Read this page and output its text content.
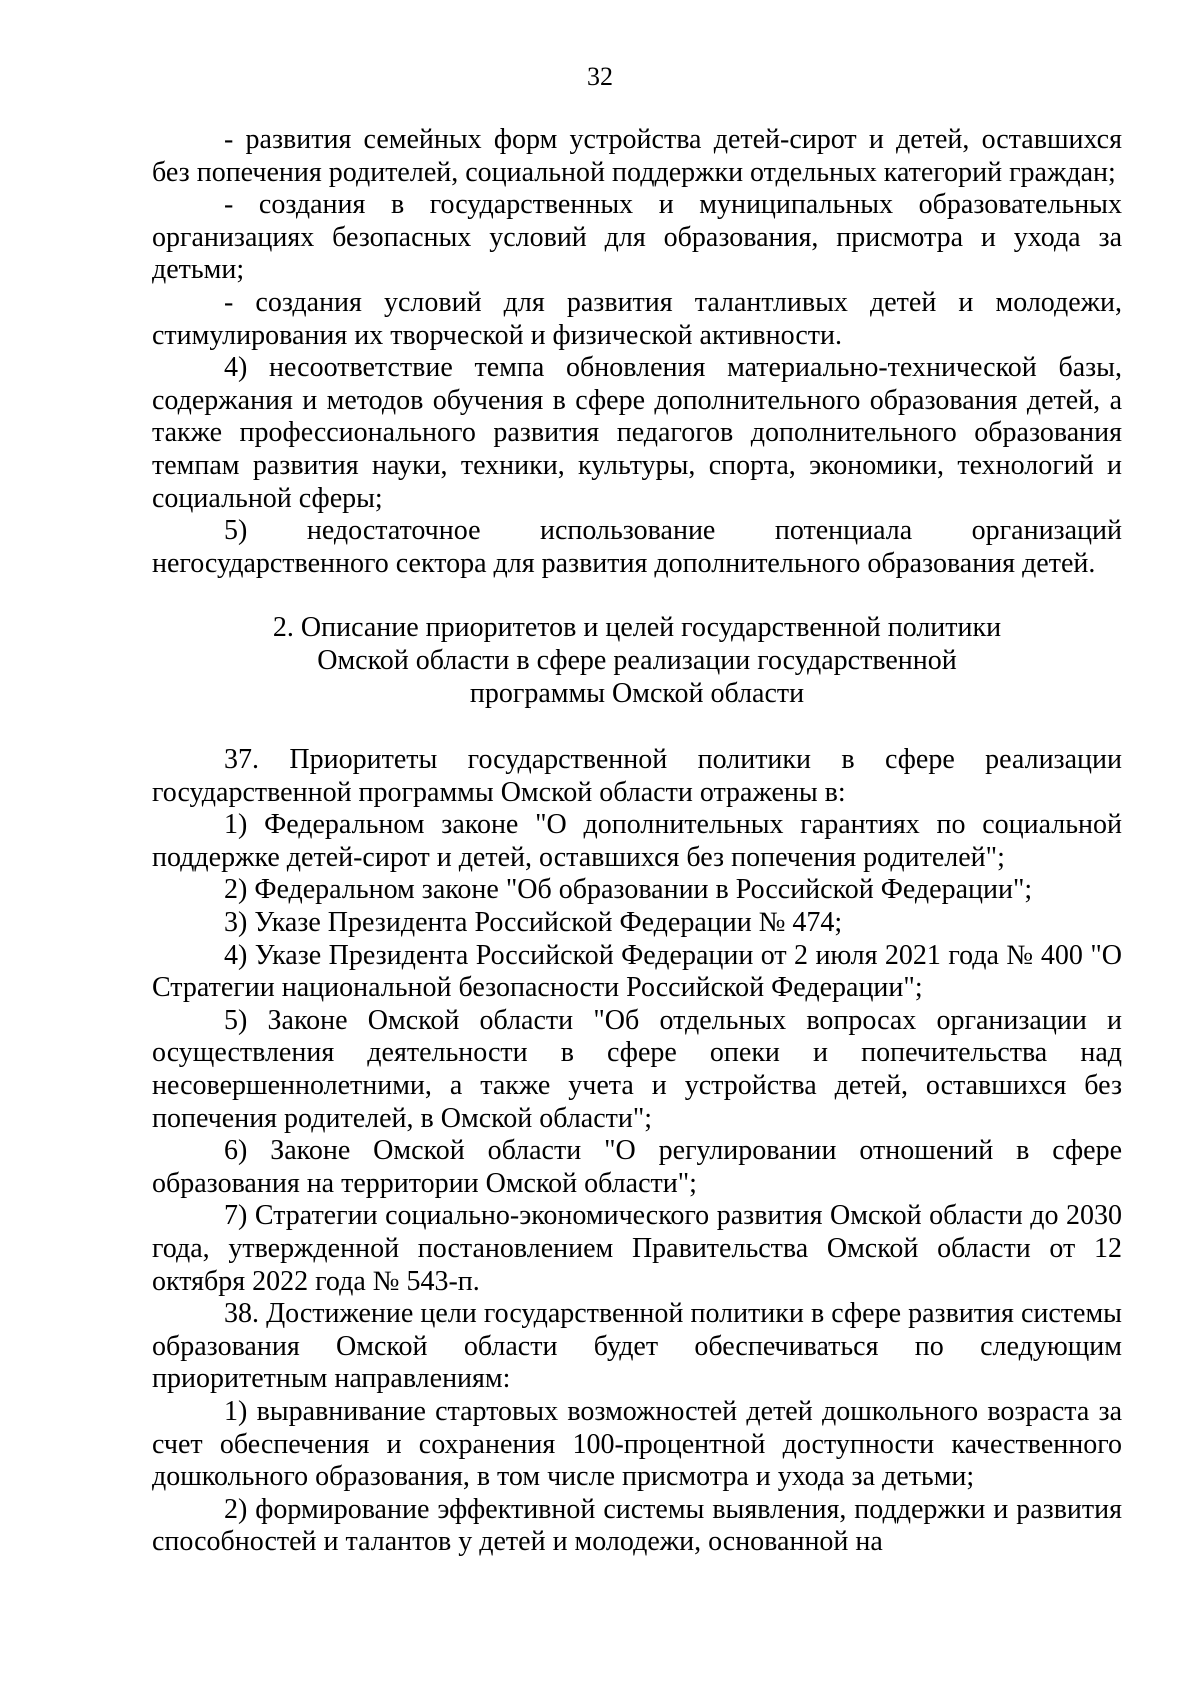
32

- развития семейных форм устройства детей-сирот и детей, оставшихся без попечения родителей, социальной поддержки отдельных категорий граждан;

- создания в государственных и муниципальных образовательных организациях безопасных условий для образования, присмотра и ухода за детьми;

- создания условий для развития талантливых детей и молодежи, стимулирования их творческой и физической активности.

4) несоответствие темпа обновления материально-технической базы, содержания и методов обучения в сфере дополнительного образования детей, а также профессионального развития педагогов дополнительного образования темпам развития науки, техники, культуры, спорта, экономики, технологий и социальной сферы;

5) недостаточное использование потенциала организаций негосударственного сектора для развития дополнительного образования детей.

2. Описание приоритетов и целей государственной политики
Омской области в сфере реализации государственной
программы Омской области

37. Приоритеты государственной политики в сфере реализации государственной программы Омской области отражены в:

1) Федеральном законе "О дополнительных гарантиях по социальной поддержке детей-сирот и детей, оставшихся без попечения родителей";

2) Федеральном законе "Об образовании в Российской Федерации";

3) Указе Президента Российской Федерации № 474;

4) Указе Президента Российской Федерации от 2 июля 2021 года № 400 "О Стратегии национальной безопасности Российской Федерации";

5) Законе Омской области "Об отдельных вопросах организации и осуществления деятельности в сфере опеки и попечительства над несовершеннолетними, а также учета и устройства детей, оставшихся без попечения родителей, в Омской области";

6) Законе Омской области "О регулировании отношений в сфере образования на территории Омской области";

7) Стратегии социально-экономического развития Омской области до 2030 года, утвержденной постановлением Правительства Омской области от 12 октября 2022 года № 543-п.

38. Достижение цели государственной политики в сфере развития системы образования Омской области будет обеспечиваться по следующим приоритетным направлениям:

1) выравнивание стартовых возможностей детей дошкольного возраста за счет обеспечения и сохранения 100-процентной доступности качественного дошкольного образования, в том числе присмотра и ухода за детьми;

2) формирование эффективной системы выявления, поддержки и развития способностей и талантов у детей и молодежи, основанной на
